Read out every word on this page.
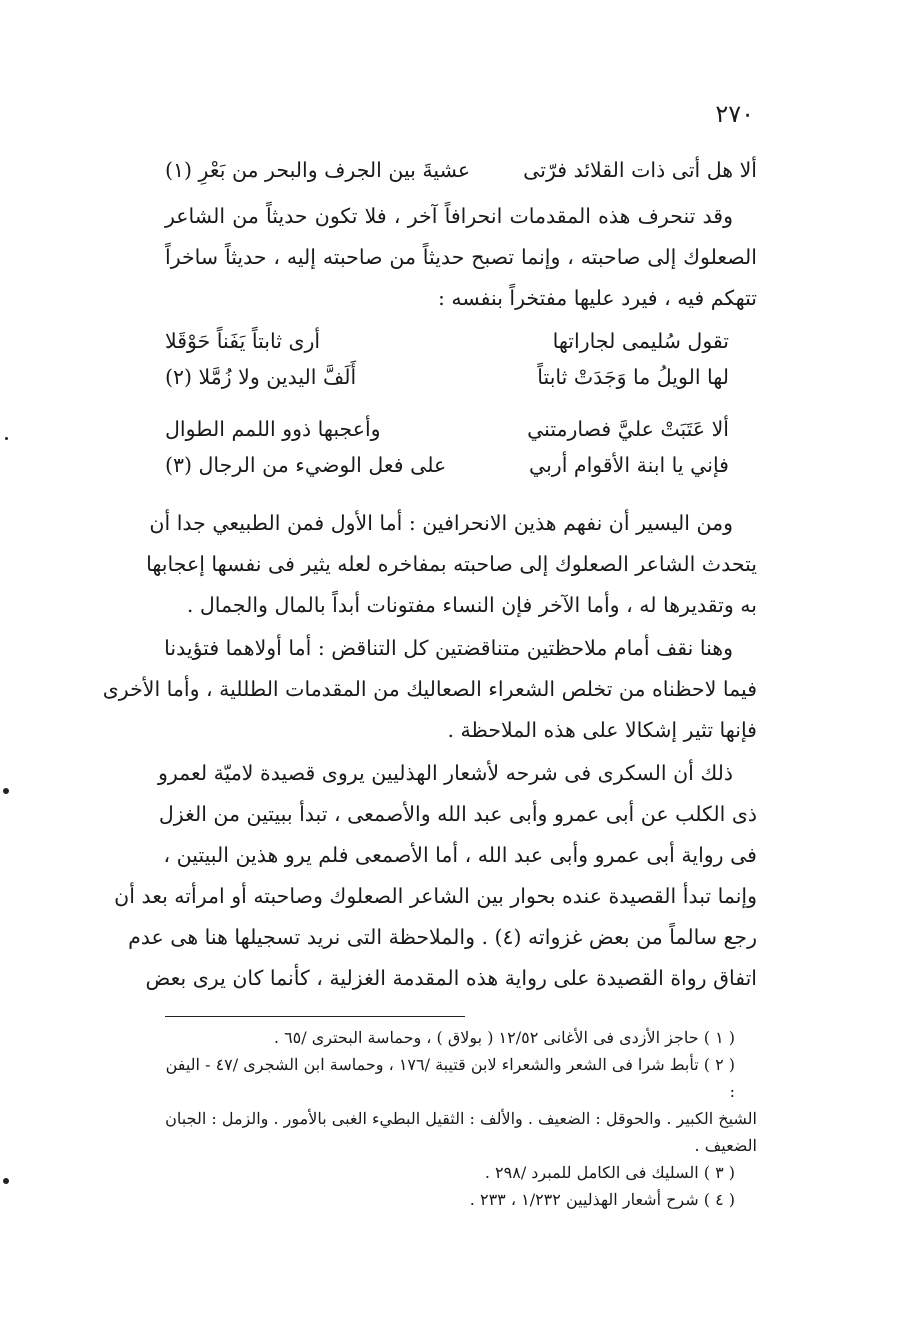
٢٧٠
ألا هل أتى ذات القلائد فرّتى
عشيةَ بين الجرف والبحر من بَعْرِ (١)
وقد تنحرف هذه المقدمات انحرافاً آخر ، فلا تكون حديثاً من الشاعر
الصعلوك إلى صاحبته ، وإنما تصبح حديثاً من صاحبته إليه ، حديثاً ساخراً
تتهكم فيه ، فيرد عليها مفتخراً بنفسه :
تقول سُليمى لجاراتها
أرى ثابتاً يَفَناً حَوْقَلا
لها الويلُ ما وَجَدَتْ ثابتاً
أَلَفَّ اليدين ولا زُمَّلا (٢)
ألا عَتَبَتْ عليَّ فصارمتني
وأعجبها ذوو اللمم الطوال
فإني يا ابنة الأقوام أربي
على فعل الوضيء من الرجال (٣)
ومن اليسير أن نفهم هذين الانحرافين : أما الأول فمن الطبيعي جدا أن
يتحدث الشاعر الصعلوك إلى صاحبته بمفاخره لعله يثير فى نفسها إعجابها
به وتقديرها له ، وأما الآخر فإن النساء مفتونات أبداً بالمال والجمال .
وهنا نقف أمام ملاحظتين متناقضتين كل التناقض : أما أولاهما فتؤيدنا
فيما لاحظناه من تخلص الشعراء الصعاليك من المقدمات الطللية ، وأما الأخرى
فإنها تثير إشكالا على هذه الملاحظة .
ذلك أن السكرى فى شرحه لأشعار الهذليين يروى قصيدة لاميّة لعمرو
ذى الكلب عن أبى عمرو وأبى عبد الله والأصمعى ، تبدأ ببيتين من الغزل
فى رواية أبى عمرو وأبى عبد الله ، أما الأصمعى فلم يرو هذين البيتين ،
وإنما تبدأ القصيدة عنده بحوار بين الشاعر الصعلوك وصاحبته أو امرأته بعد أن
رجع سالماً من بعض غزواته (٤) . والملاحظة التى نريد تسجيلها هنا هى عدم
اتفاق رواة القصيدة على رواية هذه المقدمة الغزلية ، كأنما كان يرى بعض
( ١ ) حاجز الأزدى فى الأغانى ١٢/٥٢ ( بولاق ) ، وحماسة البحترى /٦٥ .
( ٢ ) تأبط شرا فى الشعر والشعراء لابن قتيبة /١٧٦ ، وحماسة ابن الشجرى /٤٧ - اليفن :
الشيخ الكبير . والحوقل : الضعيف . والألف : الثقيل البطيء الغبى بالأمور . والزمل : الجبان
الضعيف .
( ٣ ) السليك فى الكامل للمبرد /٢٩٨ .
( ٤ ) شرح أشعار الهذليين ١/٢٣٢ ، ٢٣٣ .
